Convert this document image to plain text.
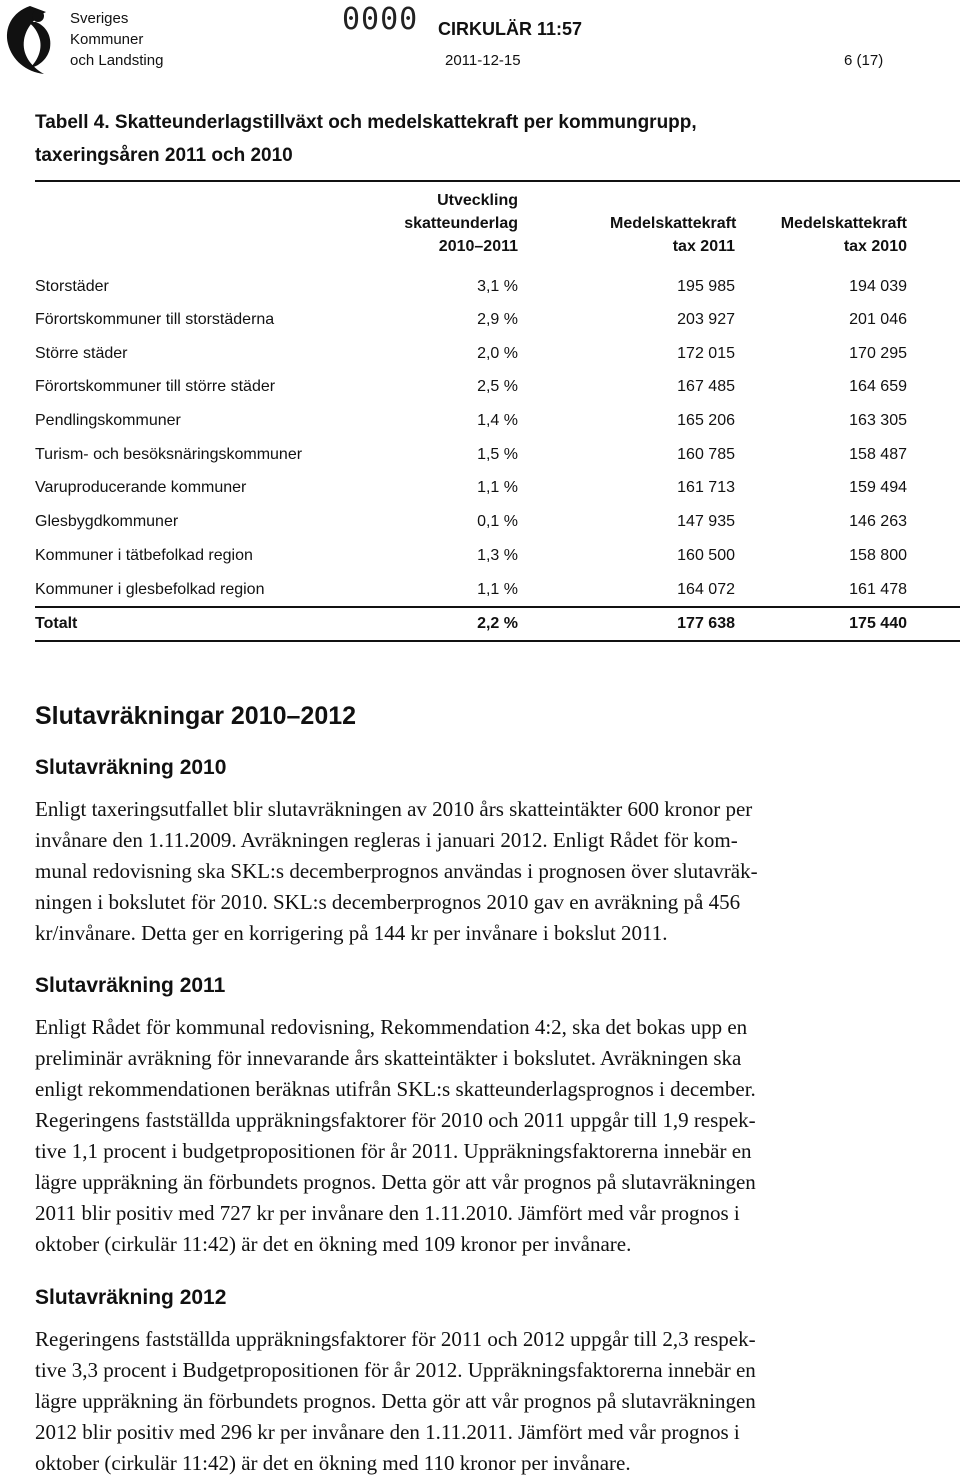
Sveriges
Kommuner
och Landsting
0000 CIRKULÄR 11:57
2011-12-15	6 (17)
Tabell 4. Skatteunderlagstillväxt och medelskattekraft per kommungrupp,
taxeringsåren 2011 och 2010
Utveckling
skatteunderlag
2010–2011
Medelskattekraft
tax 2011
Medelskattekraft
tax 2010
Storstäder	3,1 %	195 985	194 039
Förortskommuner till storstäderna	2,9 %	203 927	201 046
Större städer	2,0 %	172 015	170 295
Förortskommuner till större städer	2,5 %	167 485	164 659
Pendlingskommuner	1,4 %	165 206	163 305
Turism- och besöksnäringskommuner	1,5 %	160 785	158 487
Varuproducerande kommuner	1,1 %	161 713	159 494
Glesbygdkommuner	0,1 %	147 935	146 263
Kommuner i tätbefolkad region	1,3 %	160 500	158 800
Kommuner i glesbefolkad region	1,1 %	164 072	161 478
Totalt	2,2 %	177 638	175 440
Slutavräkningar 2010–2012
Slutavräkning 2010
Enligt taxeringsutfallet blir slutavräkningen av 2010 års skatteintäkter 600 kronor per
invånare den 1.11.2009. Avräkningen regleras i januari 2012. Enligt Rådet för kom-
munal redovisning ska SKL:s decemberprognos användas i prognosen över slutavräk-
ningen i bokslutet för 2010. SKL:s decemberprognos 2010 gav en avräkning på 456
kr/invånare. Detta ger en korrigering på 144 kr per invånare i bokslut 2011.
Slutavräkning 2011
Enligt Rådet för kommunal redovisning, Rekommendation 4:2, ska det bokas upp en
preliminär avräkning för innevarande års skatteintäkter i bokslutet. Avräkningen ska
enligt rekommendationen beräknas utifrån SKL:s skatteunderlagsprognos i december.
Regeringens fastställda uppräkningsfaktorer för 2010 och 2011 uppgår till 1,9 respek-
tive 1,1 procent i budgetpropositionen för år 2011. Uppräkningsfaktorerna innebär en
lägre uppräkning än förbundets prognos. Detta gör att vår prognos på slutavräkningen
2011 blir positiv med 727 kr per invånare den 1.11.2010. Jämfört med vår prognos i
oktober (cirkulär 11:42) är det en ökning med 109 kronor per invånare.
Slutavräkning 2012
Regeringens fastställda uppräkningsfaktorer för 2011 och 2012 uppgår till 2,3 respek-
tive 3,3 procent i Budgetpropositionen för år 2012. Uppräkningsfaktorerna innebär en
lägre uppräkning än förbundets prognos. Detta gör att vår prognos på slutavräkningen
2012 blir positiv med 296 kr per invånare den 1.11.2011. Jämfört med vår prognos i
oktober (cirkulär 11:42) är det en ökning med 110 kronor per invånare.
